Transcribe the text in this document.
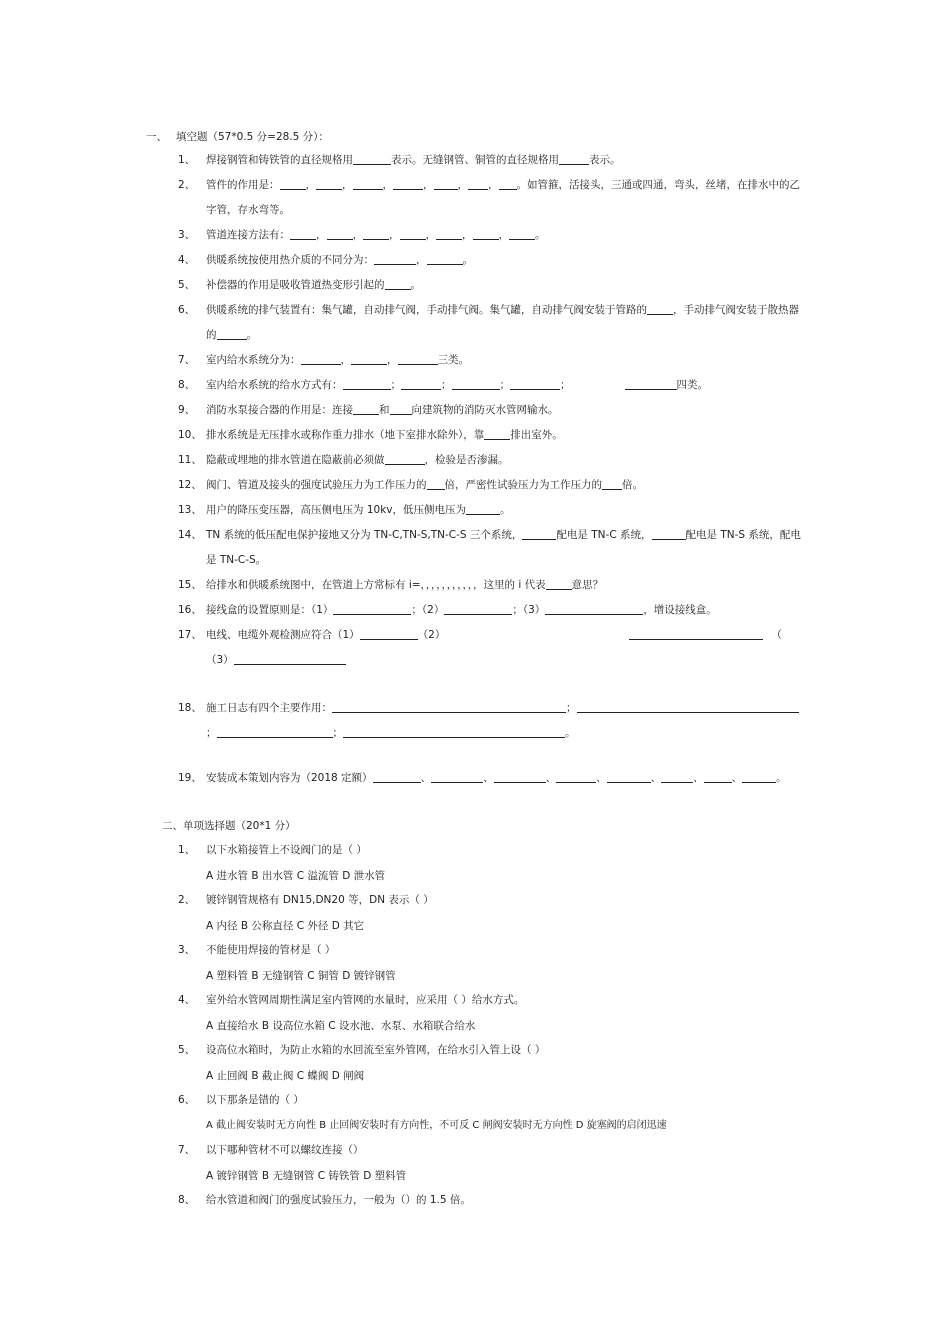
一、 填空题（57*0.5 分=28.5 分）：
1、	焊接钢管和铸铁管的直径规格用	表示。无缝钢管、铜管的直径规格用	表示。
2、	管件的作用是： ， ，	，	， ， ， 。如管箍，活接头，三通或四通，弯头，丝堵，在排水中的乙字管，存水弯等。
3、	管道连接方法有： ， ， ， ， ， ， 。
4、	供暖系统按使用热介质的不同分为：	，	。
5、	补偿器的作用是吸收管道热变形引起的 。
6、	供暖系统的排气装置有：集气罐，自动排气阀，手动排气阀。集气罐，自动排气阀安装于管路的 ，手动排气阀安装于散热器的	。
7、	室内给水系统分为：	，	，	三类。
8、	室内给水系统的给水方式有：	；	；	；	；	四类。
9、	消防水泵接合器的作用是：连接 和 向建筑物的消防灭水管网输水。
10、 排水系统是无压排水或称作重力排水（地下室排水除外），靠 排出室外。
11、 隐蔽或埋地的排水管道在隐蔽前必须做	，检验是否渗漏。
12、 阀门、管道及接头的强度试验压力为工作压力的 倍，严密性试验压力为工作压力的 倍。
13、 用户的降压变压器，高压侧电压为 10kv，低压侧电压为	。
14、 TN 系统的低压配电保护接地又分为 TN-C,TN-S,TN-C-S 三个系统，	配电是 TN-C 系统，	配电是 TN-S 系统，配电是 TN-C-S。
15、 给排水和供暖系统图中，在管道上方常标有 i=，，，，，，，，，，，这里的 i 代表 意思？
16、 接线盒的设置原则是：（1）	；（2）	；（3）	，增设接线盒。
17、 电线、电缆外观检测应符合（1）	（2）	（
（3）
18、 施工日志有四个主要作用：	；
；	；	。
19、 安装成本策划内容为（2018 定额）	、	、	、	、	、	、	、	。
二、单项选择题（20*1 分）
1、	以下水箱接管上不设阀门的是（ ）
A 进水管 B 出水管 C 溢流管 D 泄水管
2、	镀锌钢管规格有 DN15,DN20 等，DN 表示（ ）
A 内径 B 公称直径 C 外径 D 其它
3、	不能使用焊接的管材是（ ）
A 塑料管 B 无缝钢管 C 铜管 D 镀锌钢管
4、	室外给水管网周期性满足室内管网的水量时，应采用（ ）给水方式。
A 直接给水 B 设高位水箱 C 设水池、水泵、水箱联合给水
5、	设高位水箱时，为防止水箱的水回流至室外管网，在给水引入管上设（ ）
A 止回阀 B 截止阀 C 蝶阀 D 闸阀
6、	以下那条是错的（ ）
A 截止阀安装时无方向性 B 止回阀安装时有方向性，不可反 C 闸阀安装时无方向性 D 旋塞阀的启闭迅速
7、	以下哪种管材不可以螺纹连接（）
A 镀锌钢管 B 无缝钢管 C 铸铁管 D 塑料管
8、	给水管道和阀门的强度试验压力，一般为（）的 1.5 倍。
